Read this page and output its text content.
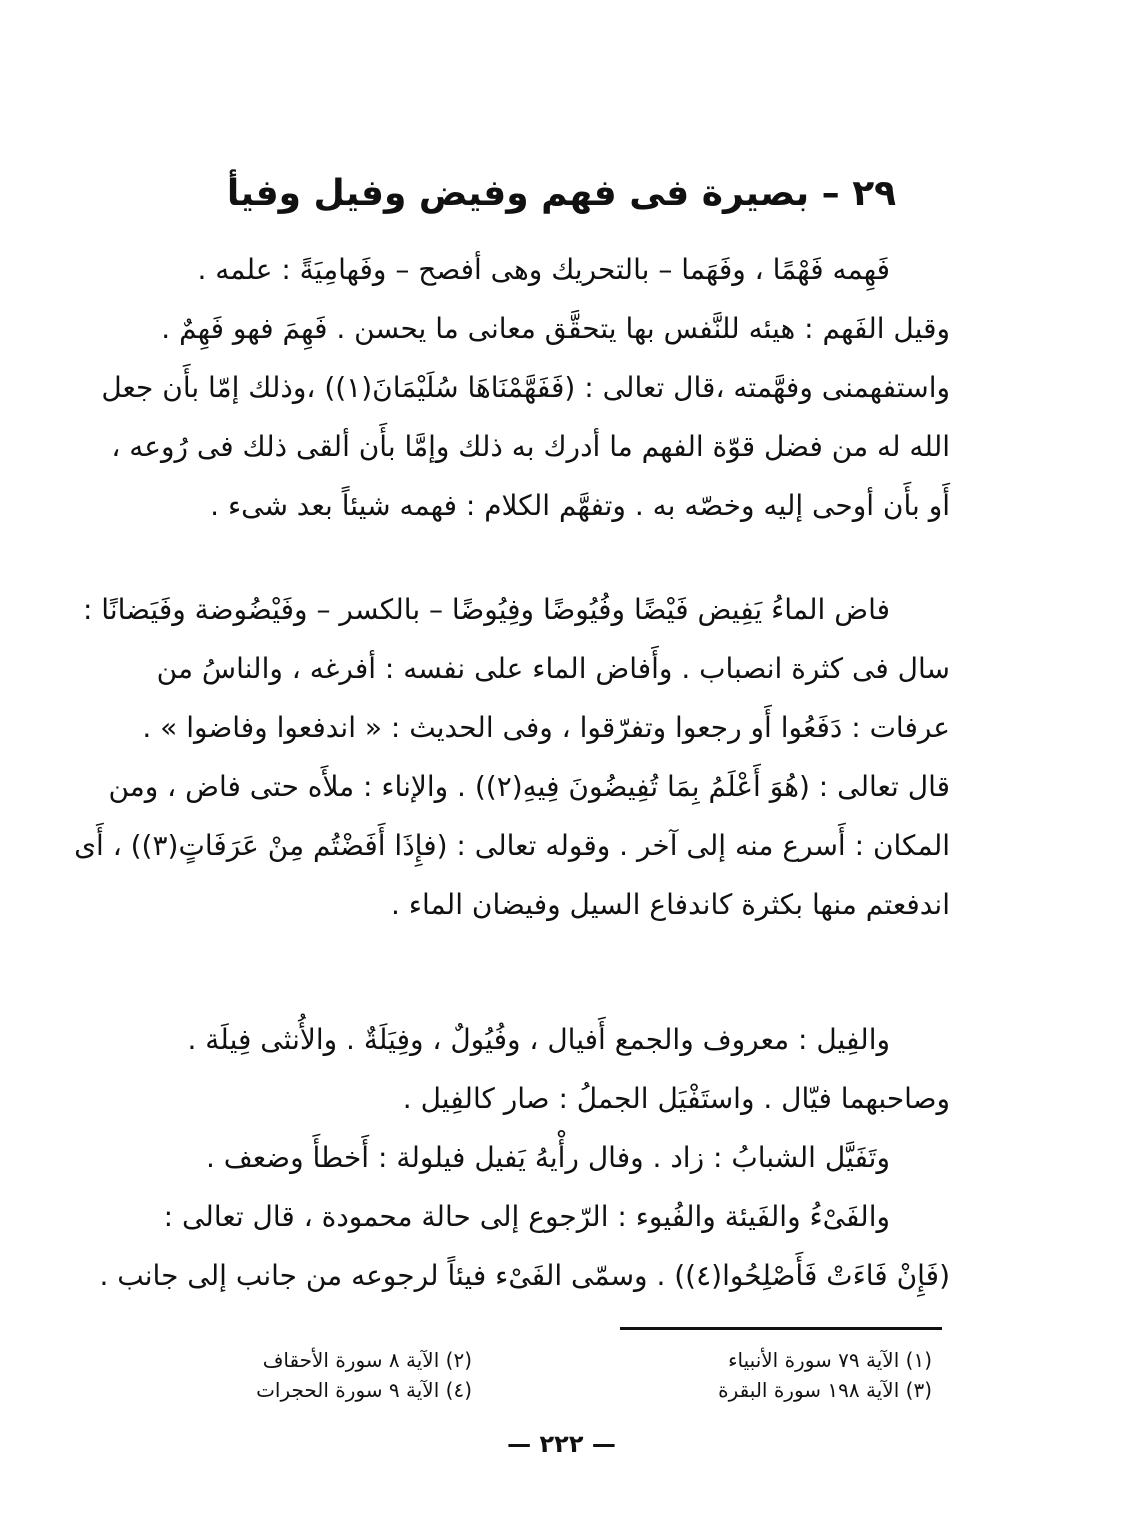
٢٩ – بصيرة فى فهم وفيض وفيل وفيأ
فَهِمه فَهْمًا ، وفَهَما – بالتحريك وهى أفصح – وفَهامِيَةً : علمه .
وقيل الفَهم : هيئه للنَّفس بها يتحقَّق معانى ما يحسن . فَهِمَ فهو فَهِمٌ .
واستفهمنى وفهَّمته ،قال تعالى : (فَفَهَّمْنَاهَا سُلَيْمَانَ(١)) ،وذلك إمّا بأَن جعل
الله له من فضل قوّة الفهم ما أدرك به ذلك وإمَّا بأَن ألقى ذلك فى رُوعه ،
أَو بأَن أوحى إليه وخصّه به . وتفهَّم الكلام : فهمه شيئاً بعد شىء .
فاض الماءُ يَفِيض فَيْضًا وفُيُوضًا وفِيُوضًا – بالكسر – وفَيْضُوضة وفَيَضانًا :
سال فى كثرة انصباب . وأَفاض الماء على نفسه : أفرغه ، والناسُ من
عرفات : دَفَعُوا أَو رجعوا وتفرّقوا ، وفى الحديث : « اندفعوا وفاضوا » .
قال تعالى : (هُوَ أَعْلَمُ بِمَا تُفِيضُونَ فِيهِ(٢)) . والإناء : ملأَه حتى فاض ، ومن
المكان : أَسرع منه إلى آخر . وقوله تعالى : (فإِذَا أَفَضْتُم مِنْ عَرَفَاتٍ(٣)) ، أَى
اندفعتم منها بكثرة كاندفاع السيل وفيضان الماء .
والفِيل : معروف والجمع أَفيال ، وفُيُولٌ ، وفِيَلَةٌ . والأُنثى فِيلَة .
وصاحبهما فيّال . واستَفْيَل الجملُ : صار كالفِيل .
وتَفَيَّل الشبابُ : زاد . وفال رأْيهُ يَفيل فيلولة : أَخطأَ وضعف .
والفَىْءُ والفَيئة والفُيوء : الرّجوع إلى حالة محمودة ، قال تعالى :
(فَإِنْ فَاءَتْ فَأَصْلِحُوا(٤)) . وسمّى الفَىْء فيئاً لرجوعه من جانب إلى جانب .
(١) الآية ٧٩ سورة الأنبياء
(٢) الآية ٨ سورة الأحقاف
(٣) الآية ١٩٨ سورة البقرة
(٤) الآية ٩ سورة الحجرات
— ٢٢٢ —
